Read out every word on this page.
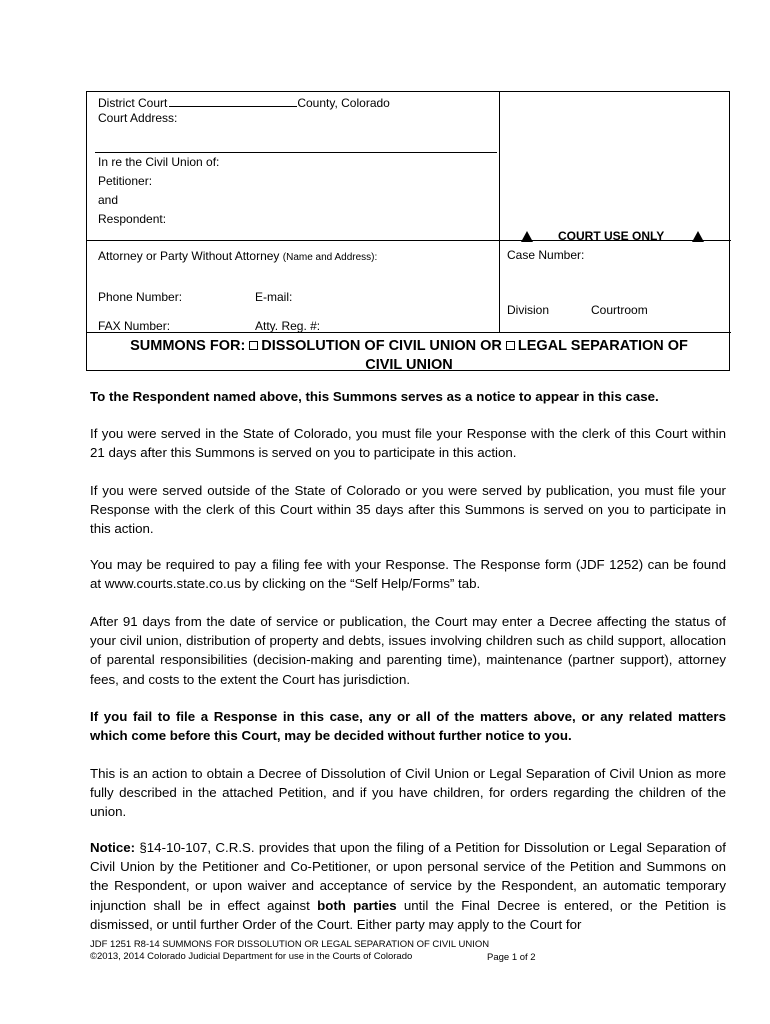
District Court	County, Colorado
Court Address:
In re the Civil Union of:
Petitioner:
and
Respondent:
COURT USE ONLY
Attorney or Party Without Attorney (Name and Address):	Case Number:
Phone Number:	E-mail:
Division	Courtroom
FAX Number:	Atty. Reg. #:
SUMMONS FOR: DISSOLUTION OF CIVIL UNION OR LEGAL SEPARATION OF
CIVIL UNION
To the Respondent named above, this Summons serves as a notice to appear in this case.
If you were served in the State of Colorado, you must file your Response with the clerk of this Court within 21 days after this Summons is served on you to participate in this action.
If you were served outside of the State of Colorado or you were served by publication, you must file your Response with the clerk of this Court within 35 days after this Summons is served on you to participate in this action.
You may be required to pay a filing fee with your Response. The Response form (JDF 1252) can be found at www.courts.state.co.us by clicking on the “Self Help/Forms” tab.
After 91 days from the date of service or publication, the Court may enter a Decree affecting the status of your civil union, distribution of property and debts, issues involving children such as child support, allocation of parental responsibilities (decision-making and parenting time), maintenance (partner support), attorney fees, and costs to the extent the Court has jurisdiction.
If you fail to file a Response in this case, any or all of the matters above, or any related matters which come before this Court, may be decided without further notice to you.
This is an action to obtain a Decree of Dissolution of Civil Union or Legal Separation of Civil Union as more fully described in the attached Petition, and if you have children, for orders regarding the children of the union.
Notice: §14-10-107, C.R.S. provides that upon the filing of a Petition for Dissolution or Legal Separation of Civil Union by the Petitioner and Co-Petitioner, or upon personal service of the Petition and Summons on the Respondent, or upon waiver and acceptance of service by the Respondent, an automatic temporary injunction shall be in effect against both parties until the Final Decree is entered, or the Petition is dismissed, or until further Order of the Court. Either party may apply to the Court for
JDF 1251 R8-14 SUMMONS FOR DISSOLUTION OR LEGAL SEPARATION OF CIVIL UNION
©2013, 2014 Colorado Judicial Department for use in the Courts of Colorado	Page 1 of 2
